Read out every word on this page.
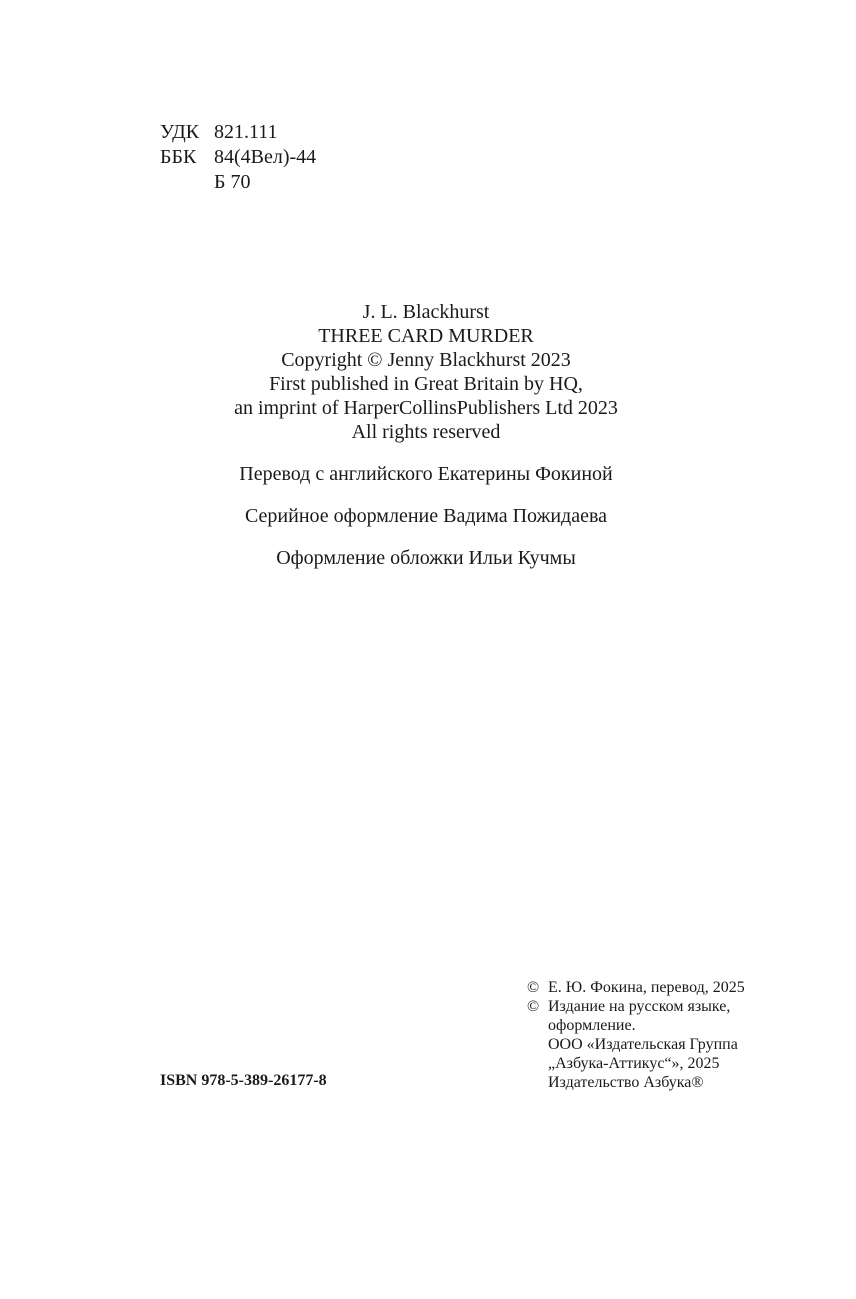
УДК 821.111
ББК 84(4Вел)-44
Б 70
J. L. Blackhurst
THREE CARD MURDER
Copyright © Jenny Blackhurst 2023
First published in Great Britain by HQ,
an imprint of HarperCollinsPublishers Ltd 2023
All rights reserved
Перевод с английского Екатерины Фокиной
Серийное оформление Вадима Пожидаева
Оформление обложки Ильи Кучмы
ISBN 978-5-389-26177-8
© Е. Ю. Фокина, перевод, 2025
© Издание на русском языке,
оформление.
ООО «Издательская Группа
„Азбука-Аттикус“», 2025
Издательство Азбука®
